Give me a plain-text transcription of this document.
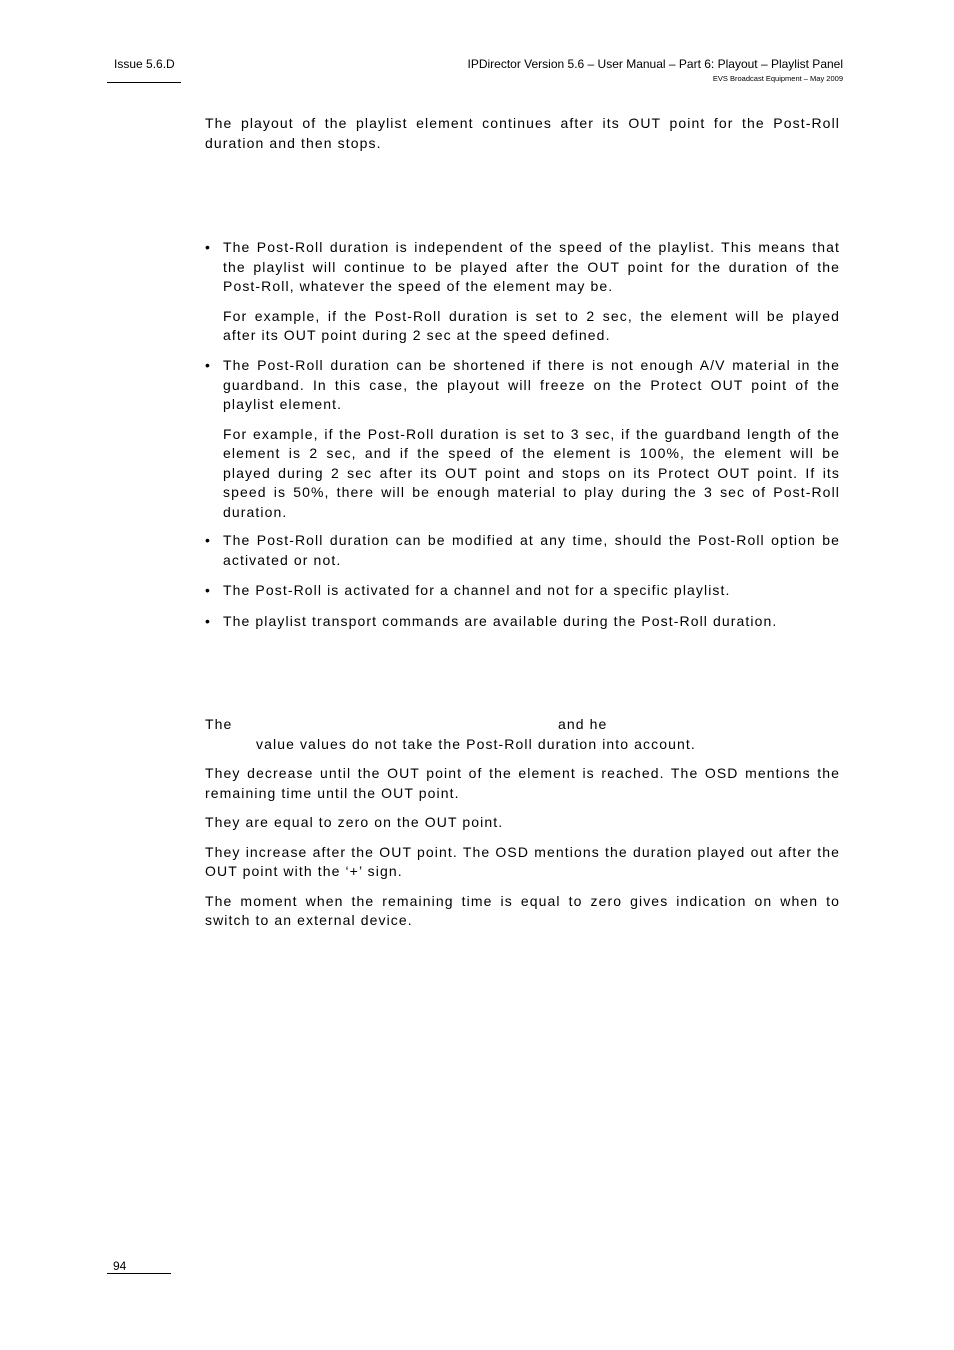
Issue 5.6.D	IPDirector Version 5.6 – User Manual – Part 6: Playout – Playlist Panel
EVS Broadcast Equipment – May 2009

The playout of the playlist element continues after its OUT point for the Post-Roll duration and then stops.

• The Post-Roll duration is independent of the speed of the playlist. This means that the playlist will continue to be played after the OUT point for the duration of the Post-Roll, whatever the speed of the element may be.

For example, if the Post-Roll duration is set to 2 sec, the element will be played after its OUT point during 2 sec at the speed defined.

• The Post-Roll duration can be shortened if there is not enough A/V material in the guardband. In this case, the playout will freeze on the Protect OUT point of the playlist element.

For example, if the Post-Roll duration is set to 3 sec, if the guardband length of the element is 2 sec, and if the speed of the element is 100%, the element will be played during 2 sec after its OUT point and stops on its Protect OUT point. If its speed is 50%, there will be enough material to play during the 3 sec of Post-Roll duration.

• The Post-Roll duration can be modified at any time, should the Post-Roll option be activated or not.

• The Post-Roll is activated for a channel and not for a specific playlist.

• The playlist transport commands are available during the Post-Roll duration.

The	and he

value values do not take the Post-Roll duration into account.

They decrease until the OUT point of the element is reached. The OSD mentions the remaining time until the OUT point.

They are equal to zero on the OUT point.

They increase after the OUT point. The OSD mentions the duration played out after the OUT point with the ‘+’ sign.

The moment when the remaining time is equal to zero gives indication on when to switch to an external device.

94
